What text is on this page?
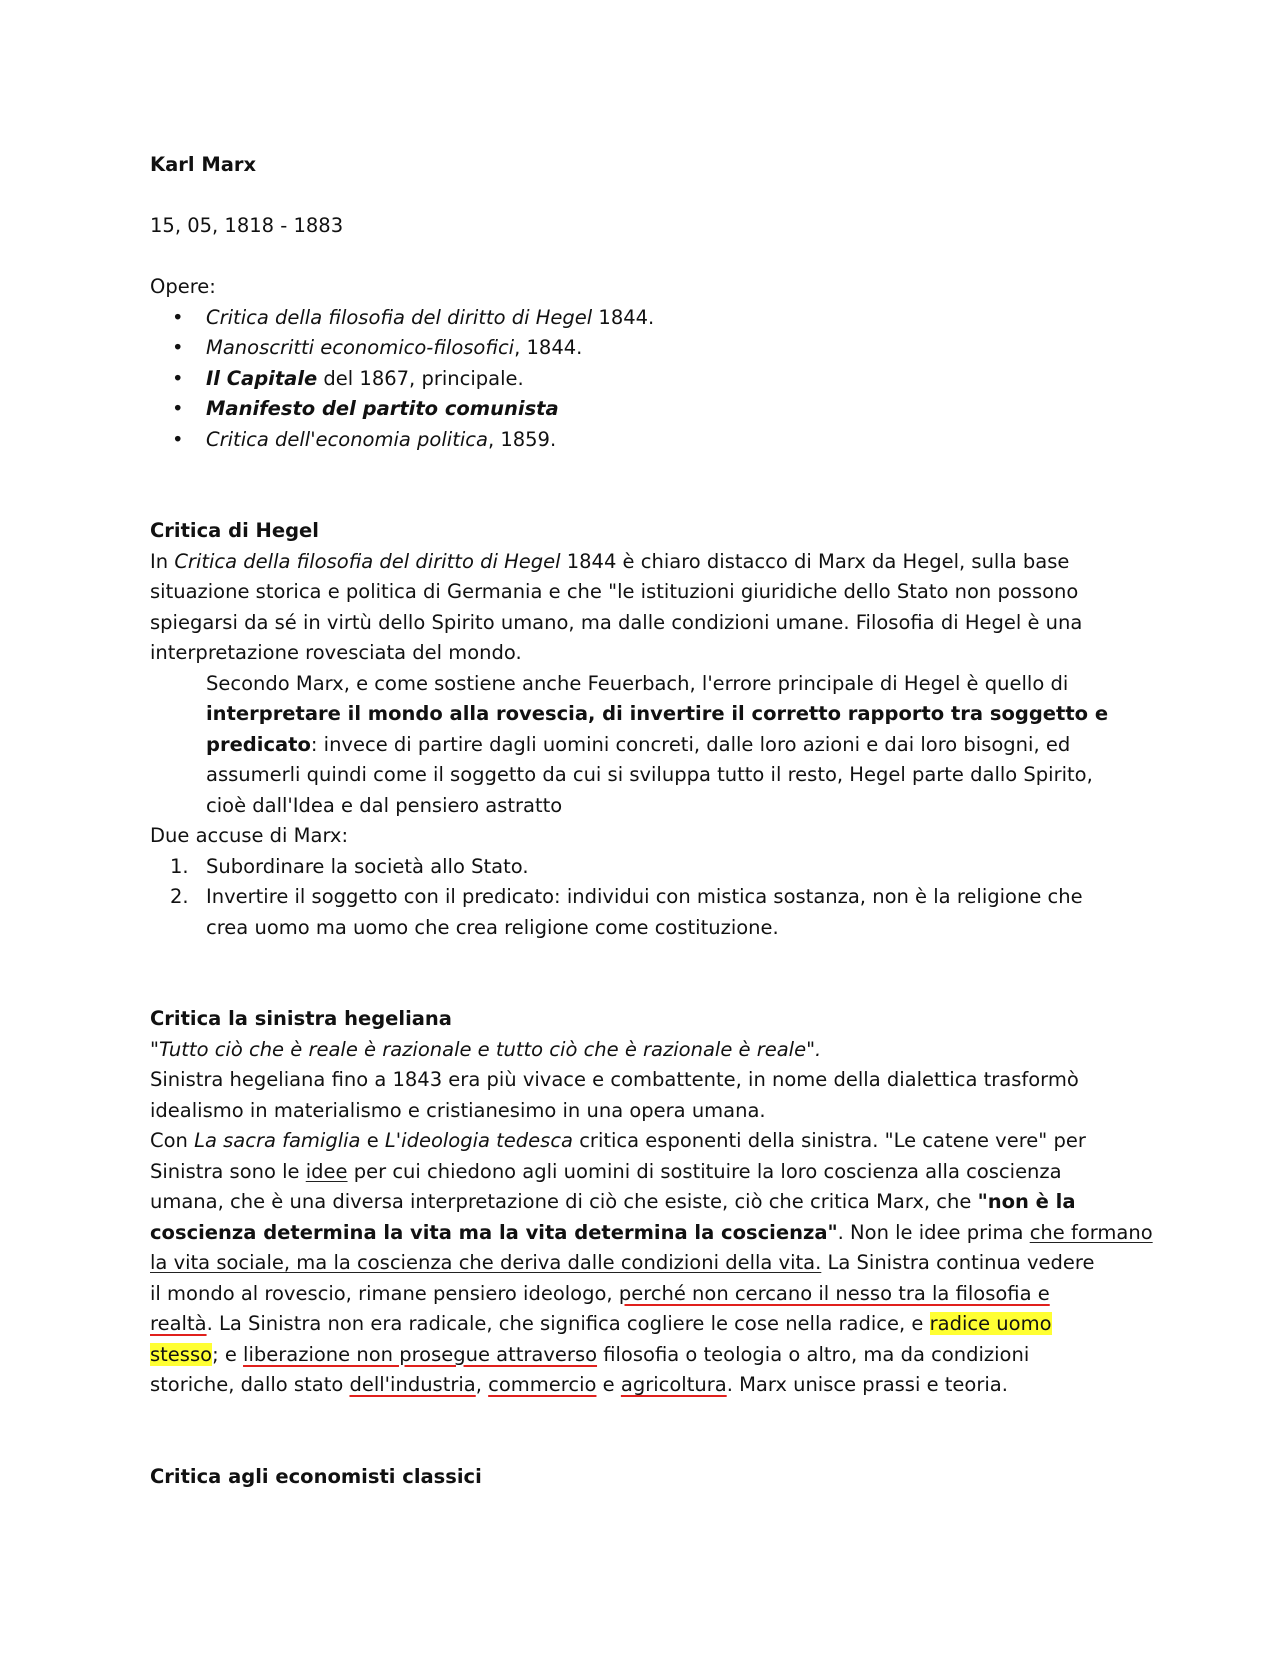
Karl Marx

15, 05, 1818 - 1883

Opere:

• Critica della filosofia del diritto di Hegel 1844.
• Manoscritti economico-filosofici, 1844.
• Il Capitale del 1867, principale.
• Manifesto del partito comunista
• Critica dell'economia politica, 1859.

Critica di Hegel

In Critica della filosofia del diritto di Hegel 1844 è chiaro distacco di Marx da Hegel, sulla base

situazione storica e politica di Germania e che "le istituzioni giuridiche dello Stato non possono

spiegarsi da sé in virtù dello Spirito umano, ma dalle condizioni umane. Filosofia di Hegel è una

interpretazione rovesciata del mondo.

Secondo Marx, e come sostiene anche Feuerbach, l'errore principale di Hegel è quello di

interpretare il mondo alla rovescia, di invertire il corretto rapporto tra soggetto e

predicato: invece di partire dagli uomini concreti, dalle loro azioni e dai loro bisogni, ed

assumerli quindi come il soggetto da cui si sviluppa tutto il resto, Hegel parte dallo Spirito,

cioè dall'Idea e dal pensiero astratto

Due accuse di Marx:

1. Subordinare la società allo Stato.
2. Invertire il soggetto con il predicato: individui con mistica sostanza, non è la religione che
crea uomo ma uomo che crea religione come costituzione.

Critica la sinistra hegeliana

"Tutto ciò che è reale è razionale e tutto ciò che è razionale è reale".

Sinistra hegeliana fino a 1843 era più vivace e combattente, in nome della dialettica trasformò

idealismo in materialismo e cristianesimo in una opera umana.

Con La sacra famiglia e L'ideologia tedesca critica esponenti della sinistra. "Le catene vere" per

Sinistra sono le idee per cui chiedono agli uomini di sostituire la loro coscienza alla coscienza

umana, che è una diversa interpretazione di ciò che esiste, ciò che critica Marx, che "non è la

coscienza determina la vita ma la vita determina la coscienza". Non le idee prima che formano

la vita sociale, ma la coscienza che deriva dalle condizioni della vita. La Sinistra continua vedere

il mondo al rovescio, rimane pensiero ideologo, perché non cercano il nesso tra la filosofia e

realtà. La Sinistra non era radicale, che significa cogliere le cose nella radice, e radice uomo

stesso; e liberazione non prosegue attraverso filosofia o teologia o altro, ma da condizioni

storiche, dallo stato dell'industria, commercio e agricoltura. Marx unisce prassi e teoria.

Critica agli economisti classici
